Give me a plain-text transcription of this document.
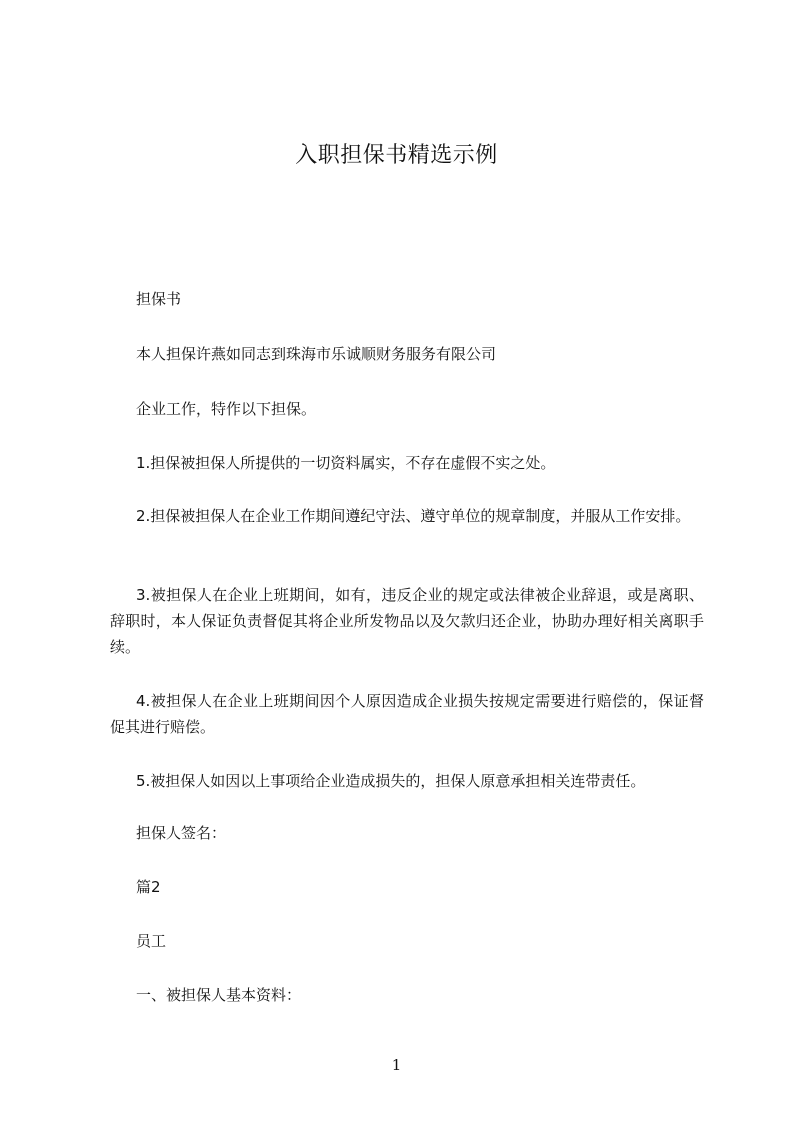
入职担保书精选示例
担保书
本人担保许燕如同志到珠海市乐诚顺财务服务有限公司
企业工作，特作以下担保。
1.担保被担保人所提供的一切资料属实，不存在虚假不实之处。
2.担保被担保人在企业工作期间遵纪守法、遵守单位的规章制度，并服从工作安排。
3.被担保人在企业上班期间，如有，违反企业的规定或法律被企业辞退，或是离职、辞职时，本人保证负责督促其将企业所发物品以及欠款归还企业，协助办理好相关离职手续。
4.被担保人在企业上班期间因个人原因造成企业损失按规定需要进行赔偿的，保证督促其进行赔偿。
5.被担保人如因以上事项给企业造成损失的，担保人原意承担相关连带责任。
担保人签名：
篇2
员工
一、被担保人基本资料：
1
